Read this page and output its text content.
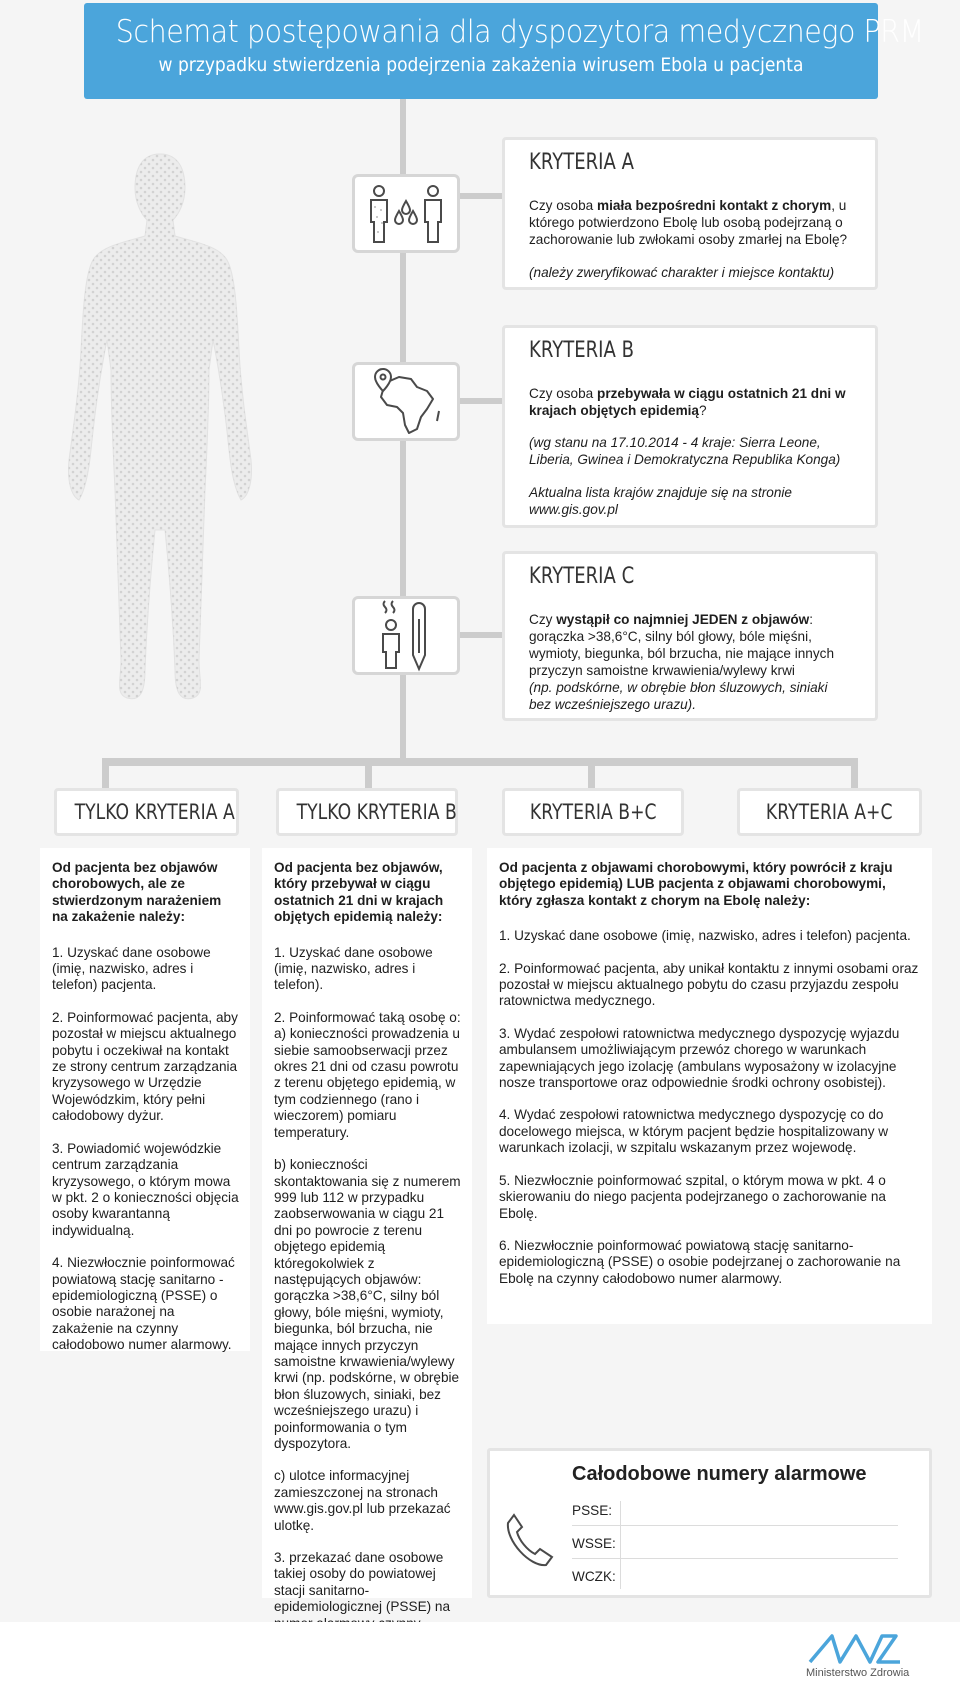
Schemat postępowania dla dyspozytora medycznego PRM
w przypadku stwierdzenia podejrzenia zakażenia wirusem Ebola u pacjenta
KRYTERIA A

Czy osoba miała bezpośredni kontakt z chorym, u którego potwierdzono Ebolę lub osobą podejrzaną o zachorowanie lub zwłokami osoby zmarłej na Ebolę?

(należy zweryfikować charakter i miejsce kontaktu)

KRYTERIA B

Czy osoba przebywała w ciągu ostatnich 21 dni w krajach objętych epidemią?

(wg stanu na 17.10.2014 - 4 kraje: Sierra Leone, Liberia, Gwinea i Demokratyczna Republika Konga)

Aktualna lista krajów znajduje się na stronie www.gis.gov.pl

KRYTERIA C

Czy wystąpił co najmniej JEDEN z objawów: gorączka >38,6°C, silny ból głowy, bóle mięśni, wymioty, biegunka, ból brzucha, nie mające innych przyczyn samoistne krwawienia/wylewy krwi

(np. podskórne, w obrębie błon śluzowych, siniaki bez wcześniejszego urazu).

TYLKO KRYTERIA A	TYLKO KRYTERIA B	KRYTERIA B+C	KRYTERIA A+C

Od pacjenta bez objawów chorobowych, ale ze stwierdzonym narażeniem na zakażenie należy:

1. Uzyskać dane osobowe (imię, nazwisko, adres i telefon) pacjenta.

2. Poinformować pacjenta, aby pozostał w miejscu aktualnego pobytu i oczekiwał na kontakt ze strony centrum zarządzania kryzysowego w Urzędzie Wojewódzkim, który pełni całodobowy dyżur.

3. Powiadomić wojewódzkie centrum zarządzania kryzysowego, o którym mowa w pkt. 2 o konieczności objęcia osoby kwarantanną indywidualną.

4. Niezwłocznie poinformować powiatową stację sanitarno -epidemiologiczną (PSSE) o osobie narażonej na zakażenie na czynny całodobowo numer alarmowy.

Od pacjenta bez objawów, który przebywał w ciągu ostatnich 21 dni w krajach objętych epidemią należy:

1. Uzyskać dane osobowe (imię, nazwisko, adres i telefon).

2. Poinformować taką osobę o: a) konieczności prowadzenia u siebie samoobserwacji przez okres 21 dni od czasu powrotu z terenu objętego epidemią, w tym codziennego (rano i wieczorem) pomiaru temperatury.

b) konieczności skontaktowania się z numerem 999 lub 112 w przypadku zaobserwowania w ciągu 21 dni po powrocie z terenu objętego epidemią któregokolwiek z następujących objawów: gorączka >38,6°C, silny ból głowy, bóle mięśni, wymioty, biegunka, ból brzucha, nie mające innych przyczyn samoistne krwawienia/wylewy krwi (np. podskórne, w obrębie błon śluzowych, siniaki, bez wcześniejszego urazu) i poinformowania o tym dyspozytora.

c) ulotce informacyjnej zamieszczonej na stronach www.gis.gov.pl lub przekazać ulotkę.

3. przekazać dane osobowe takiej osoby do powiatowej stacji sanitarno-epidemiologicznej (PSSE) na

Od pacjenta z objawami chorobowymi, który powrócił z kraju objętego epidemią) LUB pacjenta z objawami chorobowymi, który zgłasza kontakt z chorym na Ebolę należy:

1. Uzyskać dane osobowe (imię, nazwisko, adres i telefon) pacjenta.

2. Poinformować pacjenta, aby unikał kontaktu z innymi osobami oraz pozostał w miejscu aktualnego pobytu do czasu przyjazdu zespołu ratownictwa medycznego.

3. Wydać zespołowi ratownictwa medycznego dyspozycję wyjazdu ambulansem umożliwiającym przewóz chorego w warunkach zapewniających jego izolację (ambulans wyposażony w izolacyjne nosze transportowe oraz odpowiednie środki ochrony osobistej).

4. Wydać zespołowi ratownictwa medycznego dyspozycję co do docelowego miejsca, w którym pacjent będzie hospitalizowany w warunkach izolacji, w szpitalu wskazanym przez wojewodę.

5. Niezwłocznie poinformować szpital, o którym mowa w pkt. 4 o skierowaniu do niego pacjenta podejrzanego o zachorowanie na Ebolę.

6. Niezwłocznie poinformować powiatową stację sanitarno-epidemiologiczną (PSSE) o osobie podejrzanej o zachorowanie na Ebolę na czynny całodobowo numer alarmowy.

Całodobowe numery alarmowe
PSSE:
WSSE:
WCZK:
Ministerstwo Zdrowia
